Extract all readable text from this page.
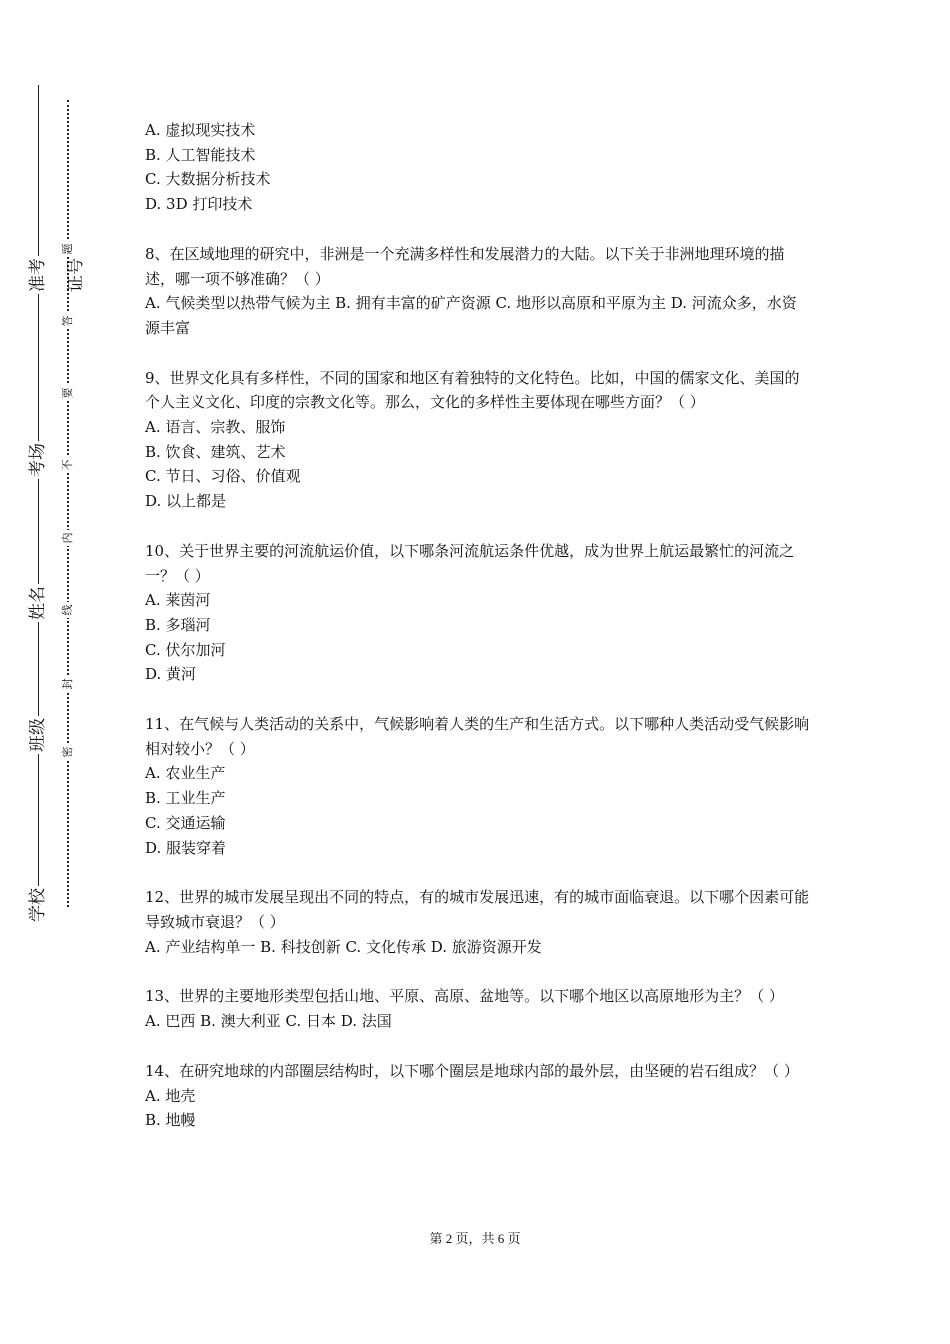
准考证号
考场
姓名
班级
学校
题
答
要
不
内
线
封
密
A. 虚拟现实技术
B. 人工智能技术
C. 大数据分析技术
D. 3D 打印技术

8、在区域地理的研究中，非洲是一个充满多样性和发展潜力的大陆。以下关于非洲地理环境的描述，哪一项不够准确？（ ）

A. 气候类型以热带气候为主 B. 拥有丰富的矿产资源 C. 地形以高原和平原为主 D. 河流众多，水资源丰富

9、世界文化具有多样性，不同的国家和地区有着独特的文化特色。比如，中国的儒家文化、美国的个人主义文化、印度的宗教文化等。那么，文化的多样性主要体现在哪些方面？（ ）

A. 语言、宗教、服饰
B. 饮食、建筑、艺术
C. 节日、习俗、价值观
D. 以上都是

10、关于世界主要的河流航运价值，以下哪条河流航运条件优越，成为世界上航运最繁忙的河流之一？（ ）

A. 莱茵河
B. 多瑙河
C. 伏尔加河
D. 黄河

11、在气候与人类活动的关系中，气候影响着人类的生产和生活方式。以下哪种人类活动受气候影响相对较小？（ ）

A. 农业生产
B. 工业生产
C. 交通运输
D. 服装穿着

12、世界的城市发展呈现出不同的特点，有的城市发展迅速，有的城市面临衰退。以下哪个因素可能导致城市衰退？（ ）

A. 产业结构单一 B. 科技创新 C. 文化传承 D. 旅游资源开发

13、世界的主要地形类型包括山地、平原、高原、盆地等。以下哪个地区以高原地形为主？（ ）

A. 巴西 B. 澳大利亚 C. 日本 D. 法国

14、在研究地球的内部圈层结构时，以下哪个圈层是地球内部的最外层，由坚硬的岩石组成？（ ）

A. 地壳
B. 地幔
第 2 页，共 6 页
